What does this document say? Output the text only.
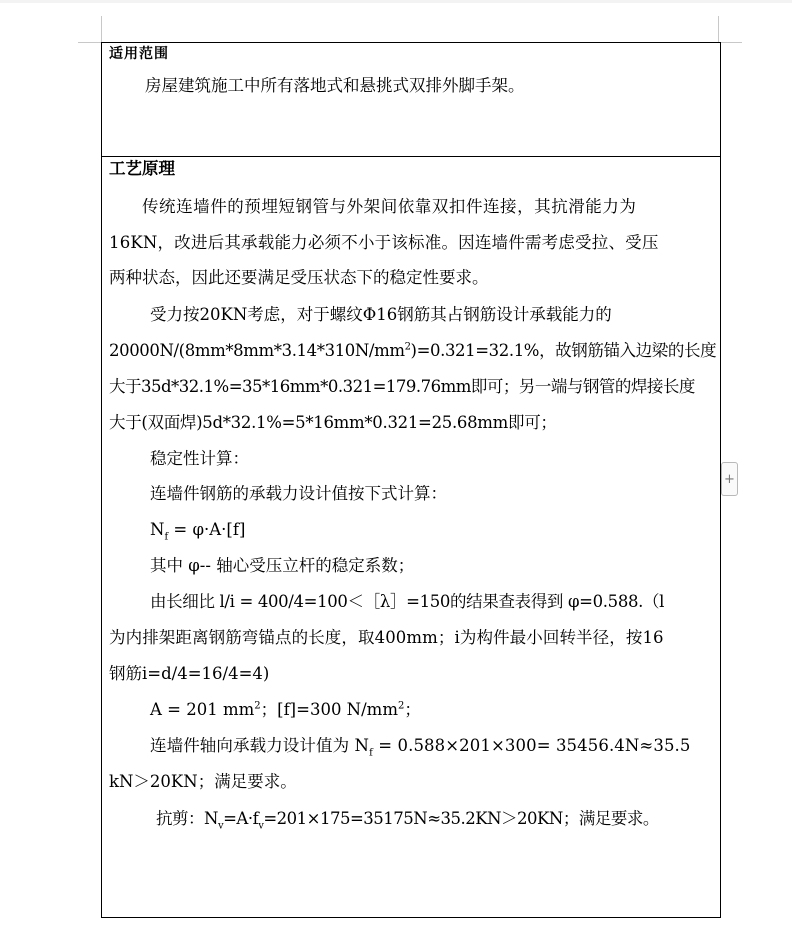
适用范围
房屋建筑施工中所有落地式和悬挑式双排外脚手架。
工艺原理
传统连墙件的预埋短钢管与外架间依靠双扣件连接，其抗滑能力为
16KN，改进后其承载能力必须不小于该标准。因连墙件需考虑受拉、受压
两种状态，因此还要满足受压状态下的稳定性要求。
受力按20KN考虑，对于螺纹Φ16钢筋其占钢筋设计承载能力的
$20000N/(8mm*8mm*3.14*310N/mm^2)=0.321=32.1\%$，故钢筋锚入边梁的长度
大于35d*32.1%=35*16mm*0.321=179.76mm即可；另一端与钢管的焊接长度
大于(双面焊)5d*32.1%=5*16mm*0.321=25.68mm即可；
稳定性计算：
连墙件钢筋的承载力设计值按下式计算：
$N_f = \varphi\cdot A\cdot[f]$
其中 φ-- 轴心受压立杆的稳定系数；
由长细比 l/i = 400/4=100＜［λ］=150的结果查表得到 φ=0.588.（l
为内排架距离钢筋弯锚点的长度，取400mm；i为构件最小回转半径，按16
钢筋i=d/4=16/4=4)
A = 201 $mm^2$；[f]=300 $N/mm^2$；
连墙件轴向承载力设计值为 $N_f = 0.588\times 201\times 300= 35456.4N\approx 35.5$
kN＞20KN；满足要求。
抗剪：$N_v=A\cdot f_v=201\times 175=35175N\approx 35.2KN>20KN$；满足要求。
+
